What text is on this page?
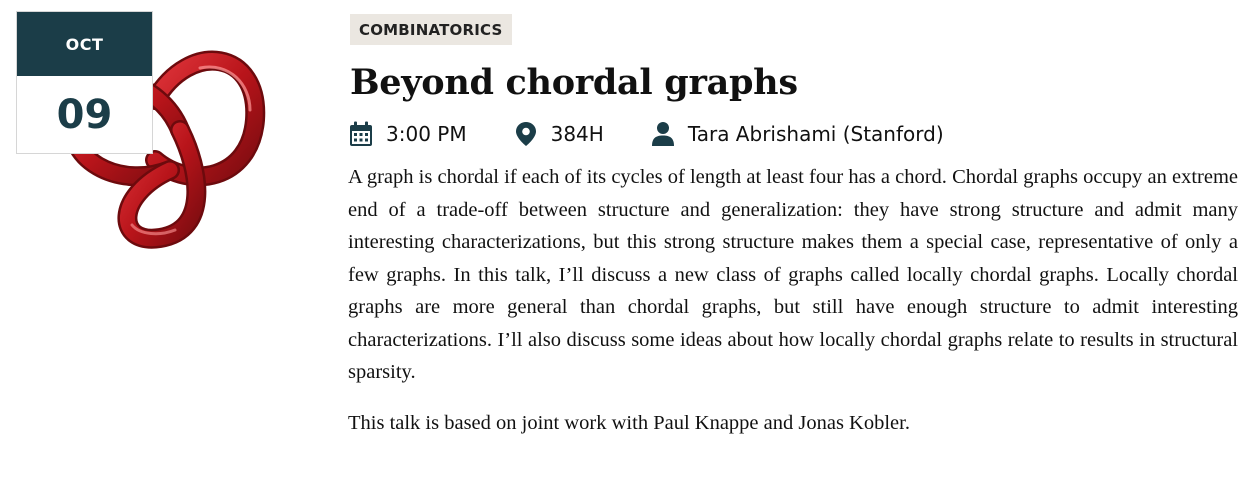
OCT
09
COMBINATORICS
Beyond chordal graphs
3:00 PM	384H	Tara Abrishami (Stanford)

A graph is chordal if each of its cycles of length at least four has a chord. Chordal graphs occupy an extreme end of a trade-off between structure and generalization: they have strong structure and admit many interesting characterizations, but this strong structure makes them a special case, representative of only a few graphs. In this talk, I’ll discuss a new class of graphs called locally chordal graphs. Locally chordal graphs are more general than chordal graphs, but still have enough structure to admit interesting characterizations. I’ll also discuss some ideas about how locally chordal graphs relate to results in structural sparsity.

This talk is based on joint work with Paul Knappe and Jonas Kobler.
